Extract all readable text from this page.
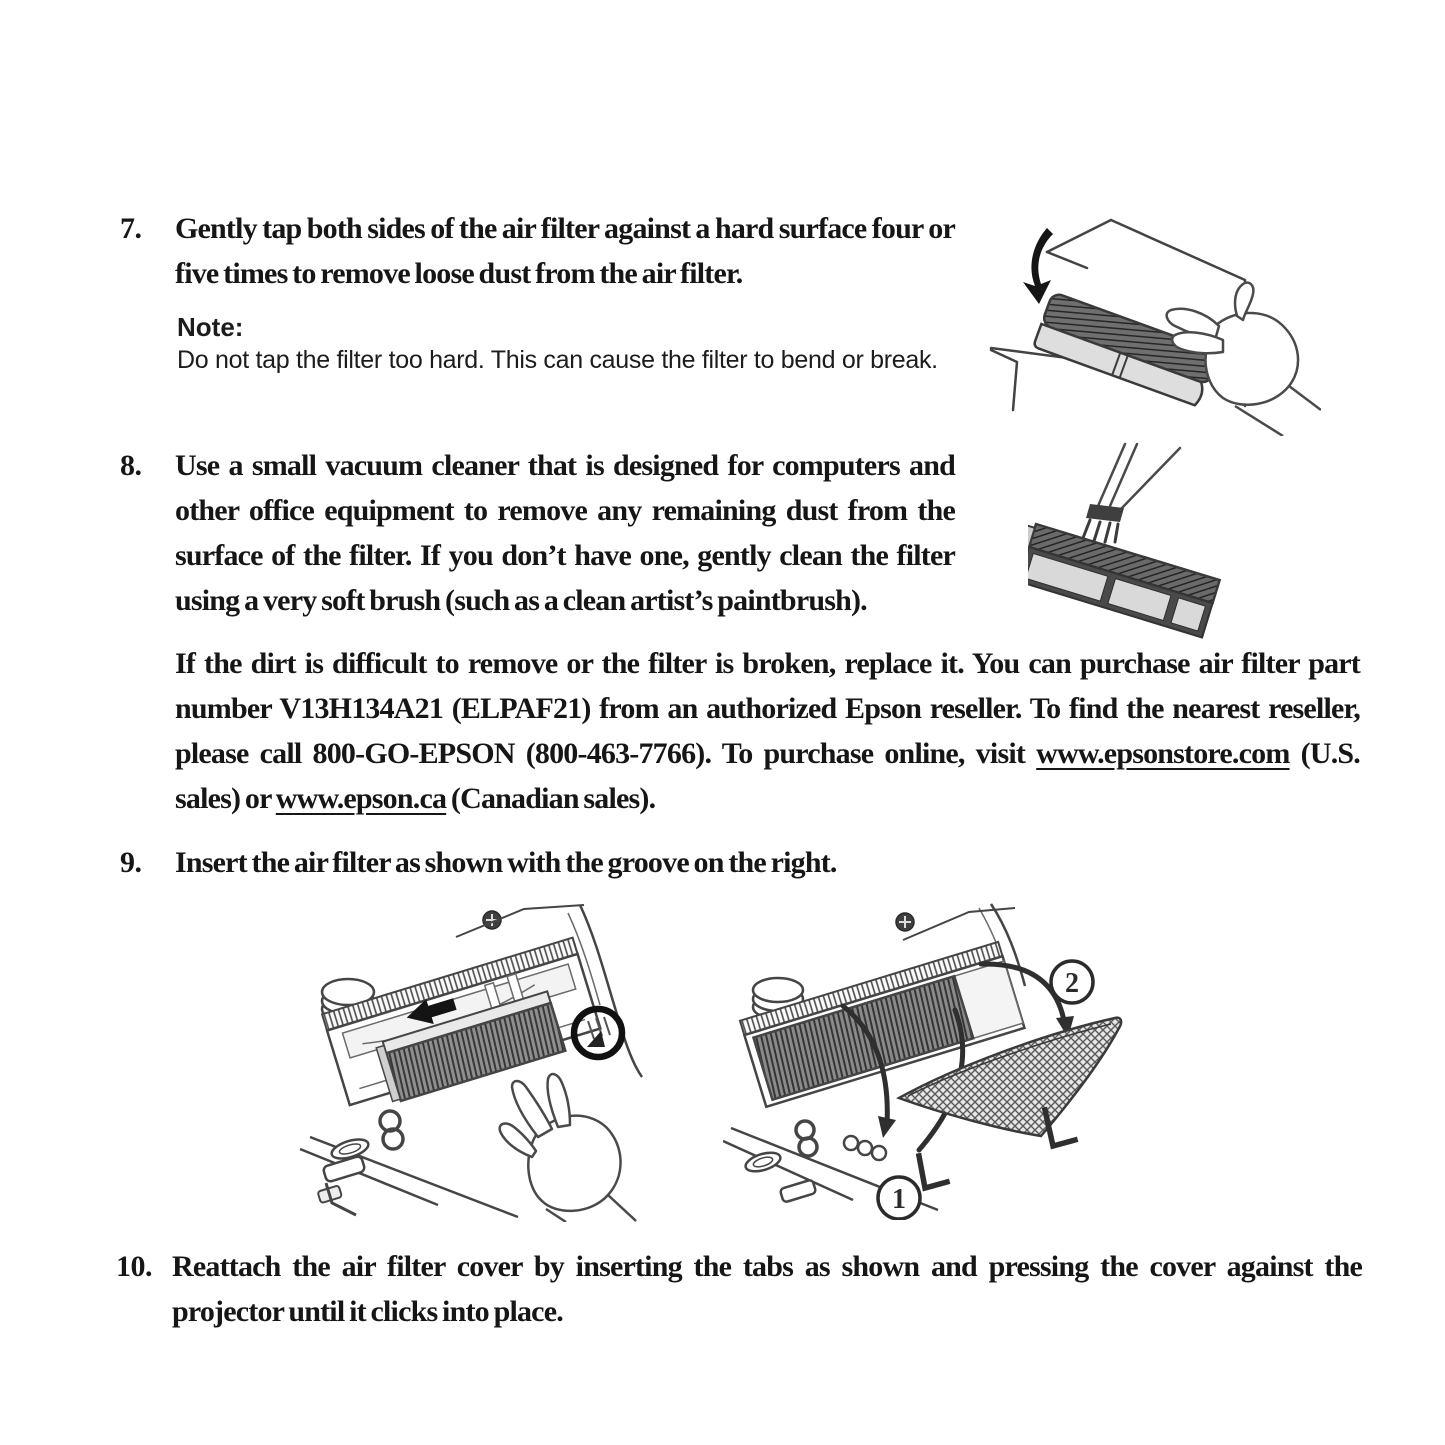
7. Gently tap both sides of the air filter against a hard surface four or five times to remove loose dust from the air filter.
Note:
Do not tap the filter too hard. This can cause the filter to bend or break.
8. Use a small vacuum cleaner that is designed for computers and other office equipment to remove any remaining dust from the surface of the filter. If you don’t have one, gently clean the filter using a very soft brush (such as a clean artist’s paintbrush).

If the dirt is difficult to remove or the filter is broken, replace it. You can purchase air filter part number V13H134A21 (ELPAF21) from an authorized Epson reseller. To find the nearest reseller, please call 800-GO-EPSON (800-463-7766). To purchase online, visit www.epsonstore.com (U.S. sales) or www.epson.ca (Canadian sales).

9. Insert the air filter as shown with the groove on the right.
10. Reattach the air filter cover by inserting the tabs as shown and pressing the cover against the projector until it clicks into place.
2
1
